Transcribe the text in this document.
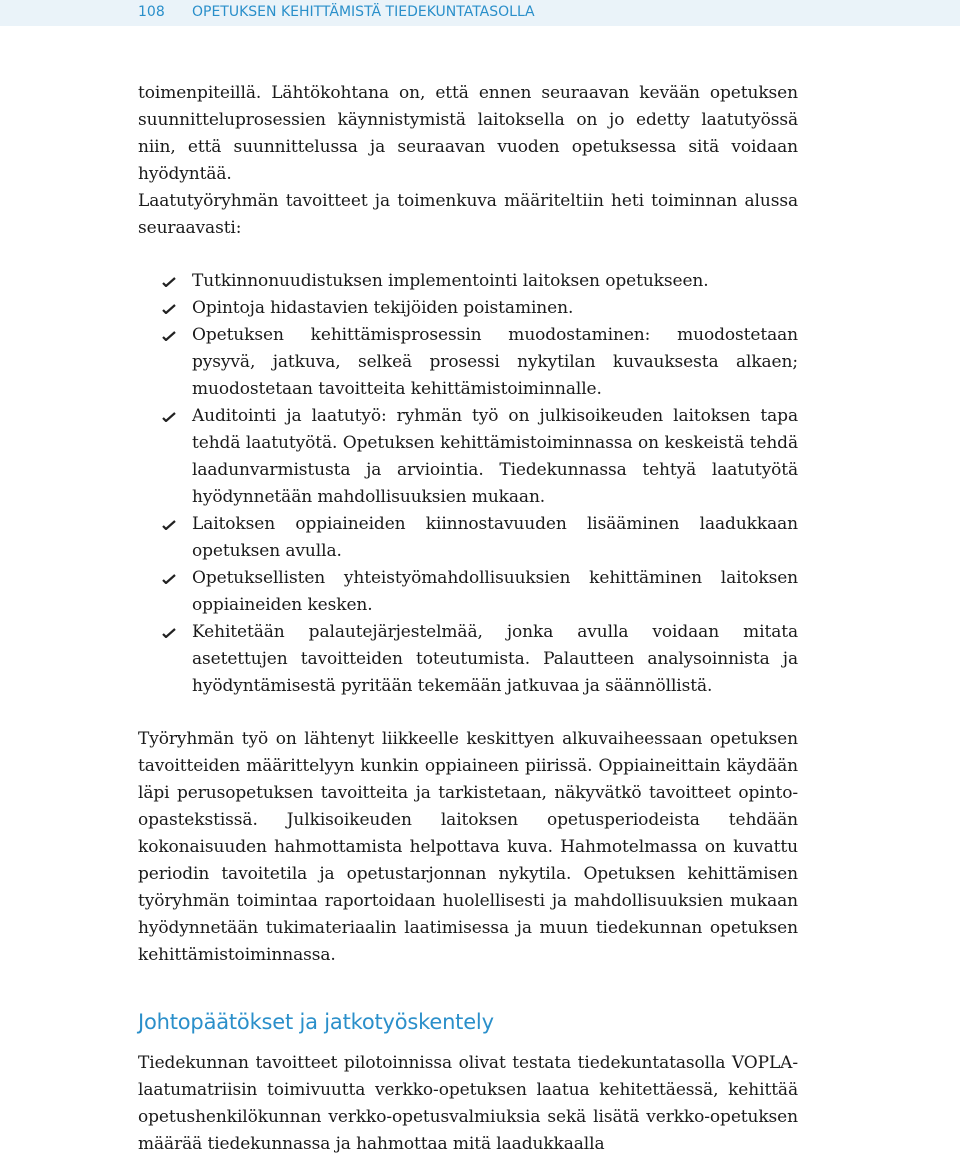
108 OPETUKSEN KEHITTÄMISTÄ TIEDEKUNTATASOLLA

toimenpiteillä. Lähtökohtana on, että ennen seuraavan kevään opetuksen suunnitteluprosessien käynnistymistä laitoksella on jo edetty laatutyössä niin, että suunnittelussa ja seuraavan vuoden opetuksessa sitä voidaan hyödyntää.

Laatutyöryhmän tavoitteet ja toimenkuva määriteltiin heti toiminnan alussa seuraavasti:

Tutkinnonuudistuksen implementointi laitoksen opetukseen.
Opintoja hidastavien tekijöiden poistaminen.
Opetuksen kehittämisprosessin muodostaminen: muodostetaan pysyvä, jatkuva, selkeä prosessi nykytilan kuvauksesta alkaen; muodostetaan tavoitteita kehittämistoiminnalle.
Auditointi ja laatutyö: ryhmän työ on julkisoikeuden laitoksen tapa tehdä laatutyötä. Opetuksen kehittämistoiminnassa on keskeistä tehdä laadunvarmistusta ja arviointia. Tiedekunnassa tehtyä laatutyötä hyödynnetään mahdollisuuksien mukaan.
Laitoksen oppiaineiden kiinnostavuuden lisääminen laadukkaan opetuksen avulla.
Opetuksellisten yhteistyömahdollisuuksien kehittäminen laitoksen oppiaineiden kesken.
Kehitetään palautejärjestelmää, jonka avulla voidaan mitata asetettujen tavoitteiden toteutumista. Palautteen analysoinnista ja hyödyntämisestä pyritään tekemään jatkuvaa ja säännöllistä.

Työryhmän työ on lähtenyt liikkeelle keskittyen alkuvaiheessaan opetuksen tavoitteiden määrittelyyn kunkin oppiaineen piirissä. Oppiaineittain käydään läpi perusopetuksen tavoitteita ja tarkistetaan, näkyvätkö tavoitteet opinto-opastekstissä. Julkisoikeuden laitoksen opetusperiodeista tehdään kokonaisuuden hahmottamista helpottava kuva. Hahmotelmassa on kuvattu periodin tavoitetila ja opetustarjonnan nykytila. Opetuksen kehittämisen työryhmän toimintaa raportoidaan huolellisesti ja mahdollisuuksien mukaan hyödynnetään tukimateriaalin laatimisessa ja muun tiedekunnan opetuksen kehittämistoiminnassa.

Johtopäätökset ja jatkotyöskentely

Tiedekunnan tavoitteet pilotoinnissa olivat testata tiedekuntatasolla VOPLA-laatumatriisin toimivuutta verkko-opetuksen laatua kehitettäessä, kehittää opetushenkilökunnan verkko-opetusvalmiuksia sekä lisätä verkko-opetuksen määrää tiedekunnassa ja hahmottaa mitä laadukkaalla
